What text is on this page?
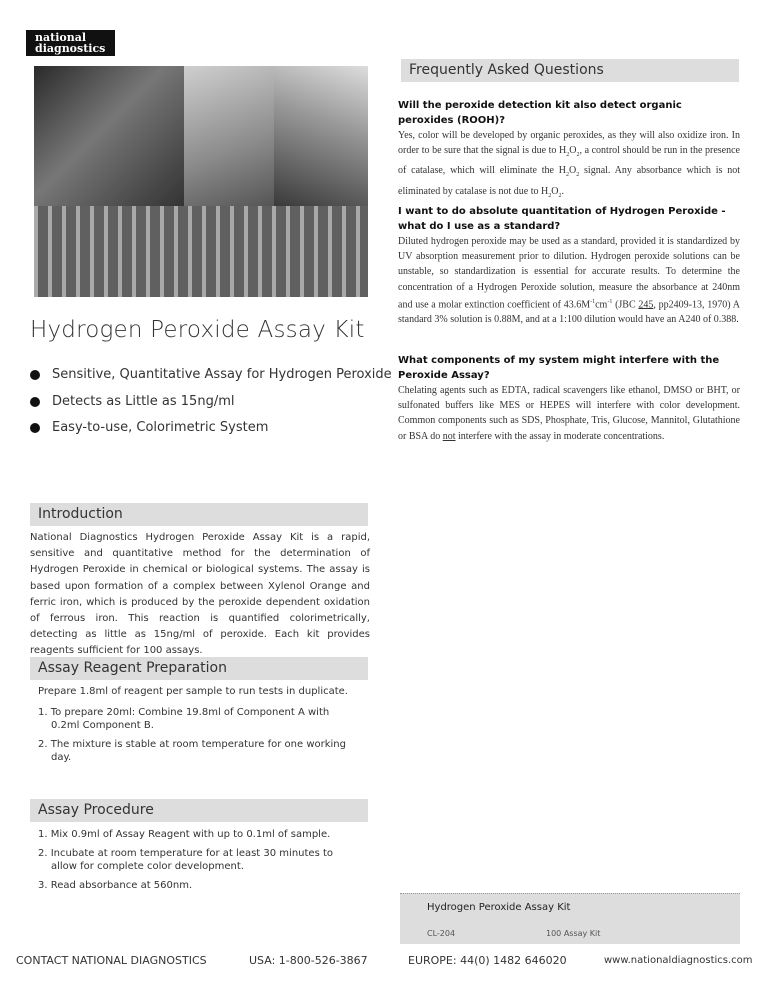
national
diagnostics
Hydrogen Peroxide Assay Kit
Sensitive, Quantitative Assay for Hydrogen Peroxide
Detects as Little as 15ng/ml
Easy-to-use, Colorimetric System
Introduction
National Diagnostics Hydrogen Peroxide Assay Kit is a rapid, sensitive and quantitative method for the determination of Hydrogen Peroxide in chemical or biological systems. The assay is based upon formation of a complex between Xylenol Orange and ferric iron, which is produced by the peroxide dependent oxidation of ferrous iron. This reaction is quantified colorimetrically, detecting as little as 15ng/ml of peroxide. Each kit provides reagents sufficient for 100 assays.
Assay Reagent Preparation
Prepare 1.8ml of reagent per sample to run tests in duplicate.
1. To prepare 20ml: Combine 19.8ml of Component A with 0.2ml Component B.
2. The mixture is stable at room temperature for one working day.
Assay Procedure
1. Mix 0.9ml of Assay Reagent with up to 0.1ml of sample.
2. Incubate at room temperature for at least 30 minutes to allow for complete color development.
3. Read absorbance at 560nm.
Frequently Asked Questions
Will the peroxide detection kit also detect organic peroxides (ROOH)?
Yes, color will be developed by organic peroxides, as they will also oxidize iron. In order to be sure that the signal is due to $H_2O_2$, a control should be run in the presence of catalase, which will eliminate the $H_2O_2$ signal. Any absorbance which is not eliminated by catalase is not due to $H_2O_2$.
I want to do absolute quantitation of Hydrogen Peroxide - what do I use as a standard?
Diluted hydrogen peroxide may be used as a standard, provided it is standardized by UV absorption measurement prior to dilution. Hydrogen peroxide solutions can be unstable, so standardization is essential for accurate results. To determine the concentration of a Hydrogen Peroxide solution, measure the absorbance at 240nm and use a molar extinction coefficient of $43.6M^{-1}cm^{-1}$ (JBC 245, pp2409-13, 1970) A standard 3% solution is 0.88M, and at a 1:100 dilution would have an A240 of 0.388.
What components of my system might interfere with the Peroxide Assay?
Chelating agents such as EDTA, radical scavengers like ethanol, DMSO or BHT, or sulfonated buffers like MES or HEPES will interfere with color development. Common components such as SDS, Phosphate, Tris, Glucose, Mannitol, Glutathione or BSA do not interfere with the assay in moderate concentrations.
Hydrogen Peroxide Assay Kit
CL-204	100 Assay Kit
CONTACT NATIONAL DIAGNOSTICS	USA: 1-800-526-3867	EUROPE: 44(0) 1482 646020	www.nationaldiagnostics.com
